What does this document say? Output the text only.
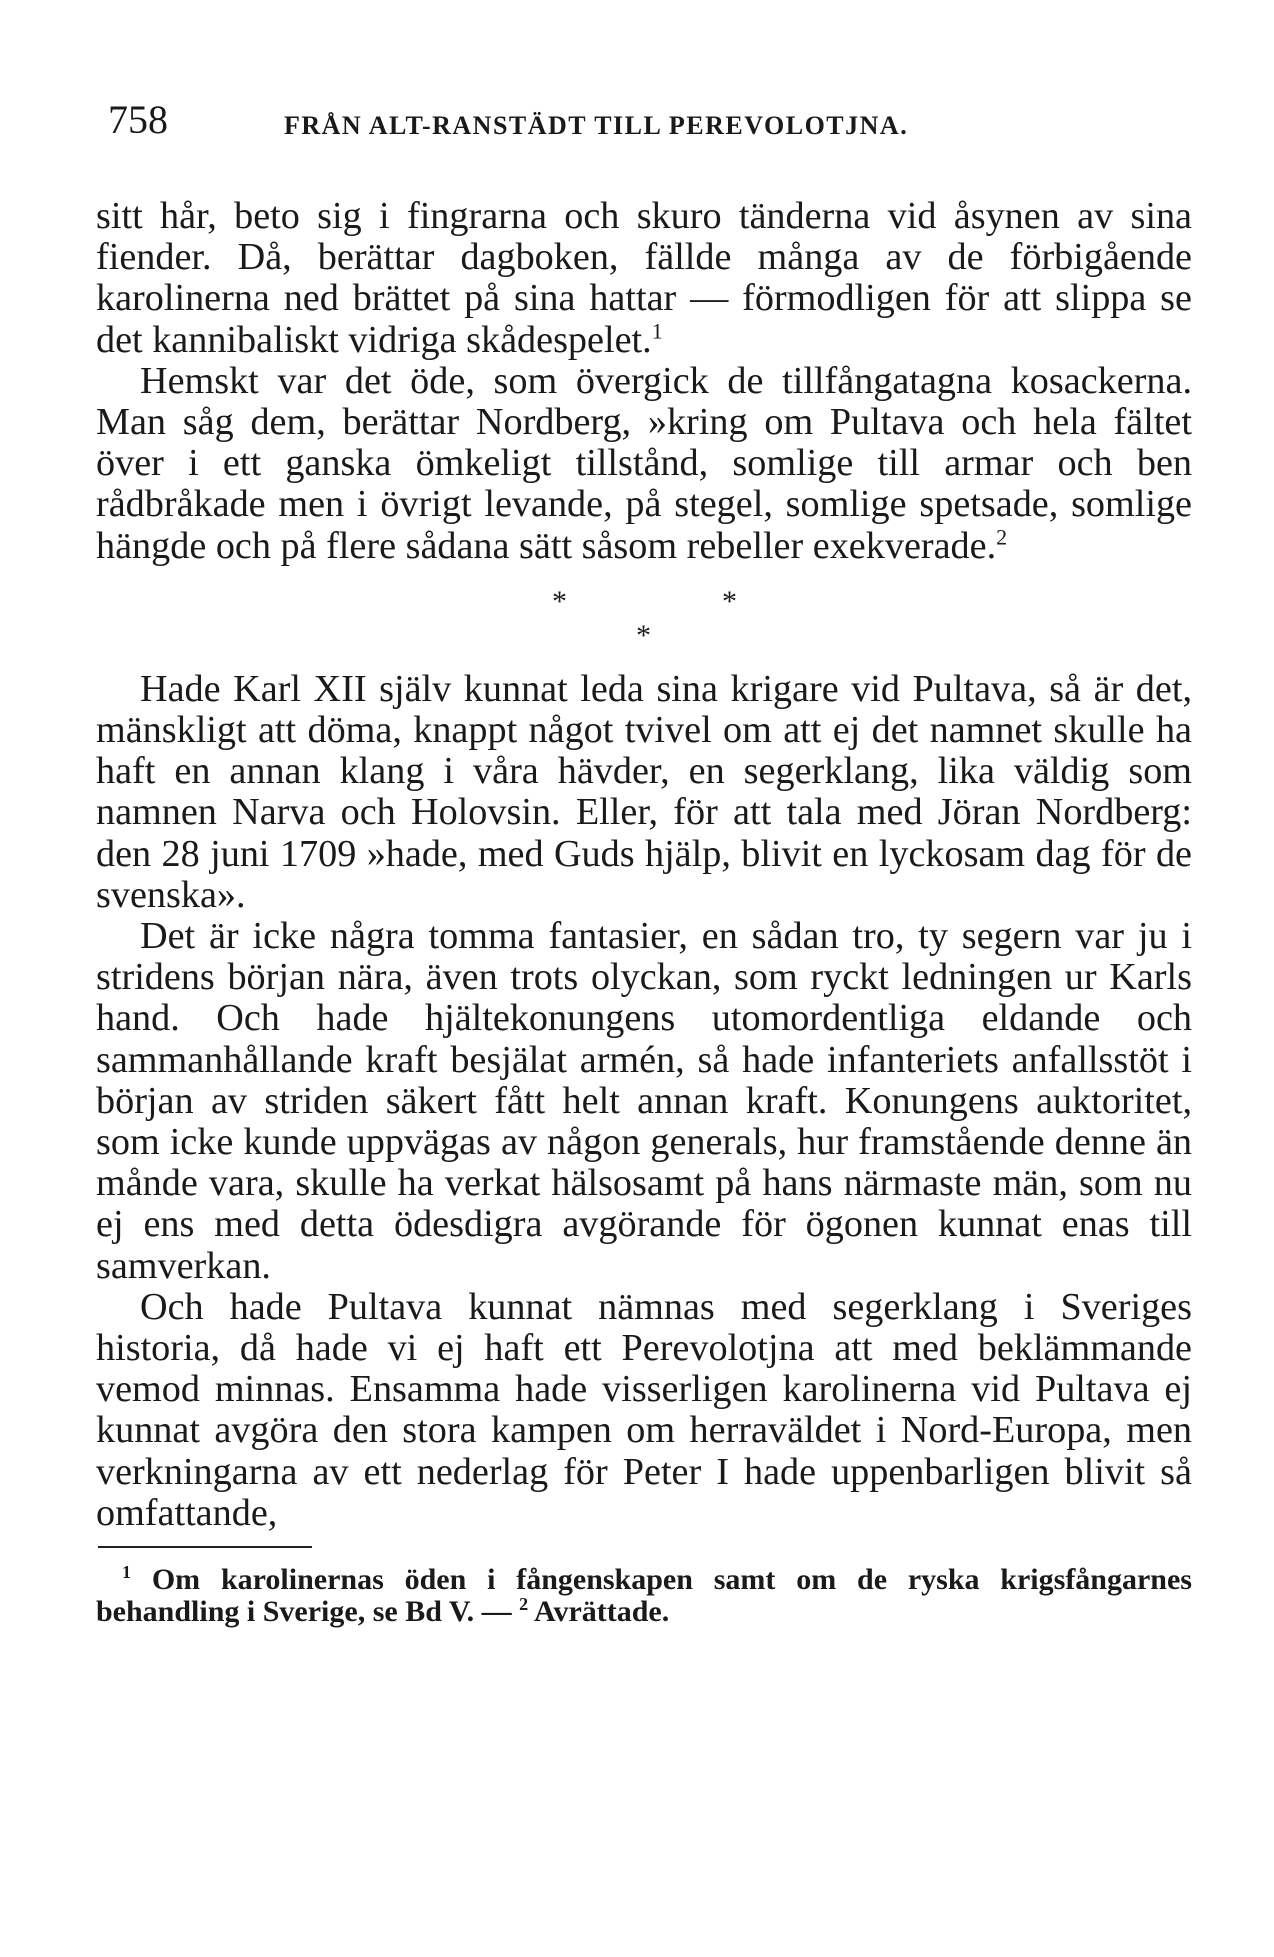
758	FRÅN ALT-RANSTÄDT TILL PEREVOLOTJNA.

sitt hår, beto sig i fingrarna och skuro tänderna vid åsynen av sina fiender. Då, berättar dagboken, fällde många av de förbigående karolinerna ned brättet på sina hattar — förmodligen för att slippa se det kannibaliskt vidriga skådespelet.$^1$

Hemskt var det öde, som övergick de tillfångatagna kosackerna. Man såg dem, berättar Nordberg, »kring om Pultava och hela fältet över i ett ganska ömkeligt tillstånd, somlige till armar och ben rådbråkade men i övrigt levande, på stegel, somlige spetsade, somlige hängde och på flere sådana sätt såsom rebeller exekverade.$^2$

*	*
*

Hade Karl XII själv kunnat leda sina krigare vid Pultava, så är det, mänskligt att döma, knappt något tvivel om att ej det namnet skulle ha haft en annan klang i våra hävder, en segerklang, lika väldig som namnen Narva och Holovsin. Eller, för att tala med Jöran Nordberg: den 28 juni 1709 »hade, med Guds hjälp, blivit en lyckosam dag för de svenska».

Det är icke några tomma fantasier, en sådan tro, ty segern var ju i stridens början nära, även trots olyckan, som ryckt ledningen ur Karls hand. Och hade hjältekonungens utomordentliga eldande och sammanhållande kraft besjälat armén, så hade infanteriets anfallsstöt i början av striden säkert fått helt annan kraft. Konungens auktoritet, som icke kunde uppvägas av någon generals, hur framstående denne än månde vara, skulle ha verkat hälsosamt på hans närmaste män, som nu ej ens med detta ödesdigra avgörande för ögonen kunnat enas till samverkan.

Och hade Pultava kunnat nämnas med segerklang i Sveriges historia, då hade vi ej haft ett Perevolotjna att med beklämmande vemod minnas. Ensamma hade visserligen karolinerna vid Pultava ej kunnat avgöra den stora kampen om herraväldet i Nord-Europa, men verkningarna av ett nederlag för Peter I hade uppenbarligen blivit så omfattande,

$^1$ Om karolinernas öden i fångenskapen samt om de ryska krigsfångarnes behandling i Sverige, se Bd V. — $^2$ Avrättade.
